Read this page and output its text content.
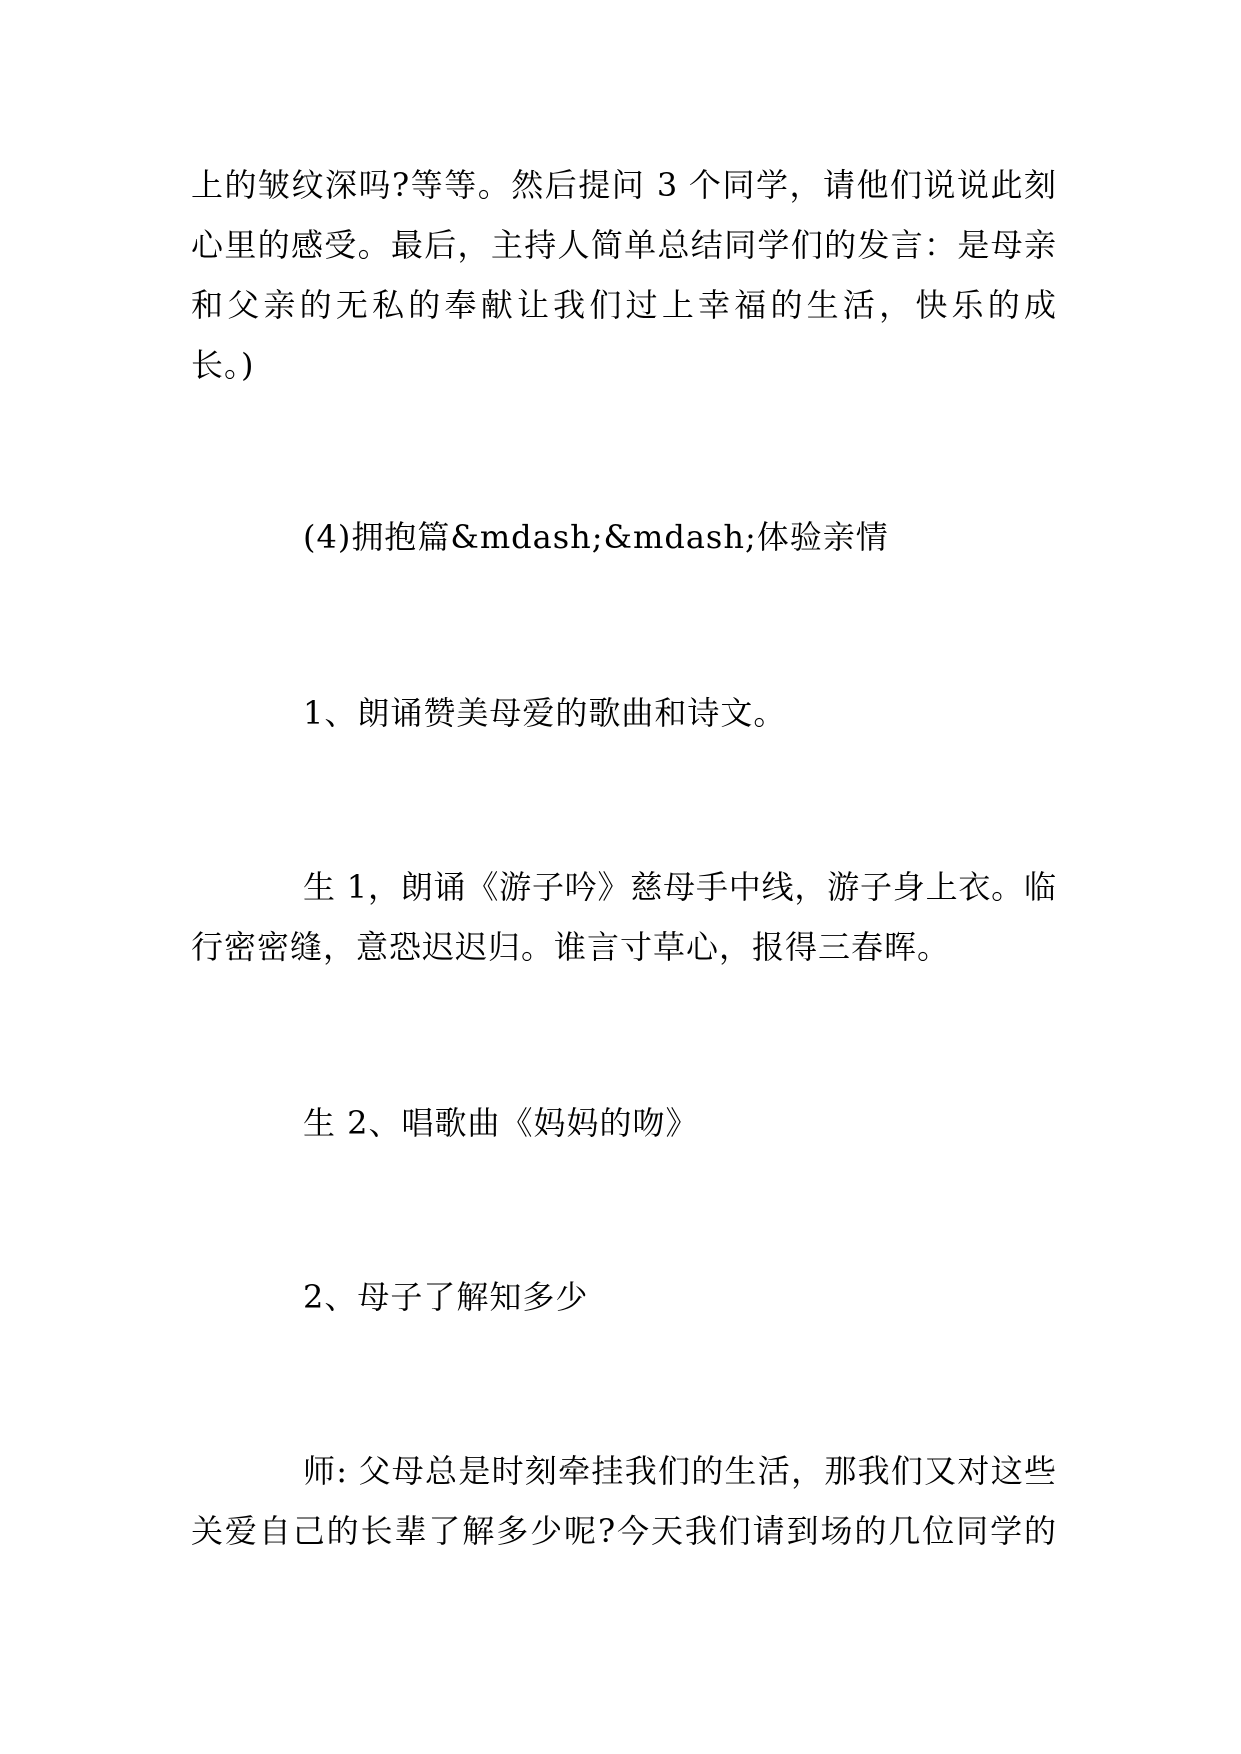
上的皱纹深吗?等等。然后提问 3 个同学，请他们说说此刻
心里的感受。最后，主持人简单总结同学们的发言：是母亲
和父亲的无私的奉献让我们过上幸福的生活，快乐的成
长。)
(4)拥抱篇&mdash;&mdash;体验亲情
1、朗诵赞美母爱的歌曲和诗文。
生 1，朗诵《游子吟》慈母手中线，游子身上衣。临
行密密缝，意恐迟迟归。谁言寸草心，报得三春晖。
生 2、唱歌曲《妈妈的吻》
2、母子了解知多少
师: 父母总是时刻牵挂我们的生活，那我们又对这些
关爱自己的长辈了解多少呢?今天我们请到场的几位同学的
